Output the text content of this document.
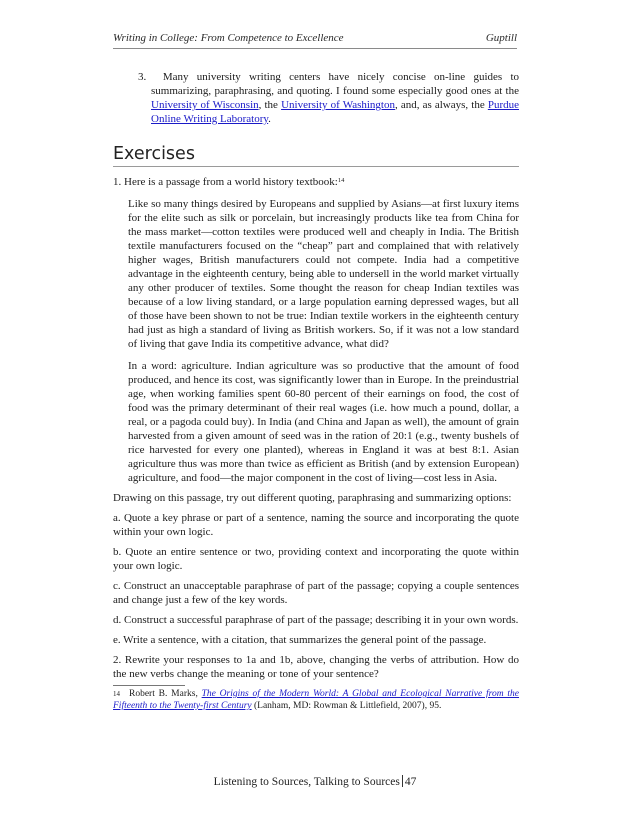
Writing in College: From Competence to Excellence	Guptill

3. Many university writing centers have nicely concise on-line guides to summarizing, paraphrasing, and quoting. I found some especially good ones at the University of Wisconsin, the University of Washington, and, as always, the Purdue Online Writing Laboratory.

Exercises

1. Here is a passage from a world history textbook:$^{14}$

Like so many things desired by Europeans and supplied by Asians—at first luxury items for the elite such as silk or porcelain, but increasingly products like tea from China for the mass market—cotton textiles were produced well and cheaply in India. The British textile manufacturers focused on the “cheap” part and complained that with relatively higher wages, British manufacturers could not compete. India had a competitive advantage in the eighteenth century, being able to undersell in the world market virtually any other producer of textiles. Some thought the reason for cheap Indian textiles was because of a low living standard, or a large population earning depressed wages, but all of those have been shown to not be true: Indian textile workers in the eighteenth century had just as high a standard of living as British workers. So, if it was not a low standard of living that gave India its competitive advance, what did?

In a word: agriculture. Indian agriculture was so productive that the amount of food produced, and hence its cost, was significantly lower than in Europe. In the preindustrial age, when working families spent 60-80 percent of their earnings on food, the cost of food was the primary determinant of their real wages (i.e. how much a pound, dollar, a real, or a pagoda could buy). In India (and China and Japan as well), the amount of grain harvested from a given amount of seed was in the ration of 20:1 (e.g., twenty bushels of rice harvested for every one planted), whereas in England it was at best 8:1. Asian agriculture thus was more than twice as efficient as British (and by extension European) agriculture, and food—the major component in the cost of living—cost less in Asia.

Drawing on this passage, try out different quoting, paraphrasing and summarizing options:

a. Quote a key phrase or part of a sentence, naming the source and incorporating the quote within your own logic.

b. Quote an entire sentence or two, providing context and incorporating the quote within your own logic.

c. Construct an unacceptable paraphrase of part of the passage; copying a couple sentences and change just a few of the key words.

d. Construct a successful paraphrase of part of the passage; describing it in your own words.

e. Write a sentence, with a citation, that summarizes the general point of the passage.

2. Rewrite your responses to 1a and 1b, above, changing the verbs of attribution. How do the new verbs change the meaning or tone of your sentence?

14 Robert B. Marks, The Origins of the Modern World: A Global and Ecological Narrative from the Fifteenth to the Twenty-first Century (Lanham, MD: Rowman & Littlefield, 2007), 95.

Listening to Sources, Talking to Sources 47
